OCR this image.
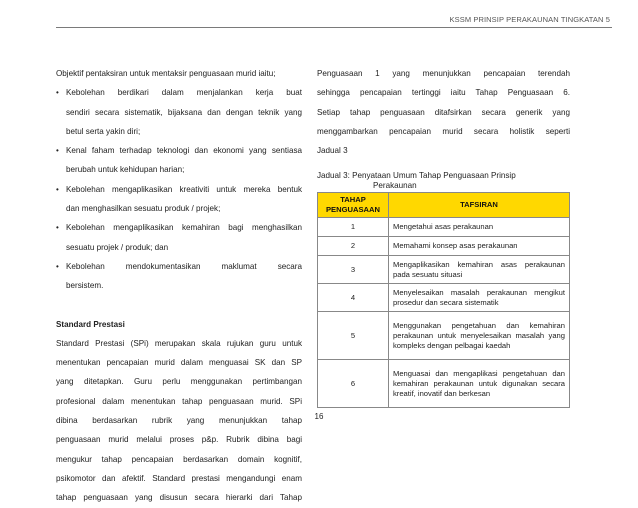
KSSM PRINSIP PERAKAUNAN TINGKATAN 5

Objektif pentaksiran untuk mentaksir penguasaan murid iaitu;

• Kebolehan berdikari dalam menjalankan kerja buat
sendiri secara sistematik, bijaksana dan dengan teknik yang
betul serta yakin diri;
• Kenal faham terhadap teknologi dan ekonomi yang sentiasa
berubah untuk kehidupan harian;
• Kebolehan mengaplikasikan kreativiti untuk mereka bentuk
dan menghasilkan sesuatu produk / projek;
• Kebolehan mengaplikasikan kemahiran bagi menghasilkan
sesuatu projek / produk; dan
• Kebolehan mendokumentasikan maklumat secara
bersistem.

Standard Prestasi

Standard Prestasi (SPi) merupakan skala rujukan guru untuk
menentukan pencapaian murid dalam menguasai SK dan SP
yang ditetapkan. Guru perlu menggunakan pertimbangan
profesional dalam menentukan tahap penguasaan murid. SPi
dibina berdasarkan rubrik yang menunjukkan tahap
penguasaan murid melalui proses p&p. Rubrik dibina bagi
mengukur tahap pencapaian berdasarkan domain kognitif,
psikomotor dan afektif. Standard prestasi mengandungi enam
tahap penguasaan yang disusun secara hierarki dari Tahap
Penguasaan 1 yang menunjukkan pencapaian terendah
sehingga pencapaian tertinggi iaitu Tahap Penguasaan 6.
Setiap tahap penguasaan ditafsirkan secara generik yang
menggambarkan pencapaian murid secara holistik seperti
Jadual 3
Jadual 3: Penyataan Umum Tahap Penguasaan Prinsip
Perakaunan
TAHAP PENGUASAAN	TAFSIRAN
1	Mengetahui asas perakaunan
2	Memahami konsep asas perakaunan
3	Mengaplikasikan kemahiran asas perakaunan pada sesuatu situasi
4	Menyelesaikan masalah perakaunan mengikut prosedur dan secara sistematik
5	Menggunakan pengetahuan dan kemahiran perakaunan untuk menyelesaikan masalah yang kompleks dengan pelbagai kaedah
6	Menguasai dan mengaplikasi pengetahuan dan kemahiran perakaunan untuk digunakan secara kreatif, inovatif dan berkesan
16
